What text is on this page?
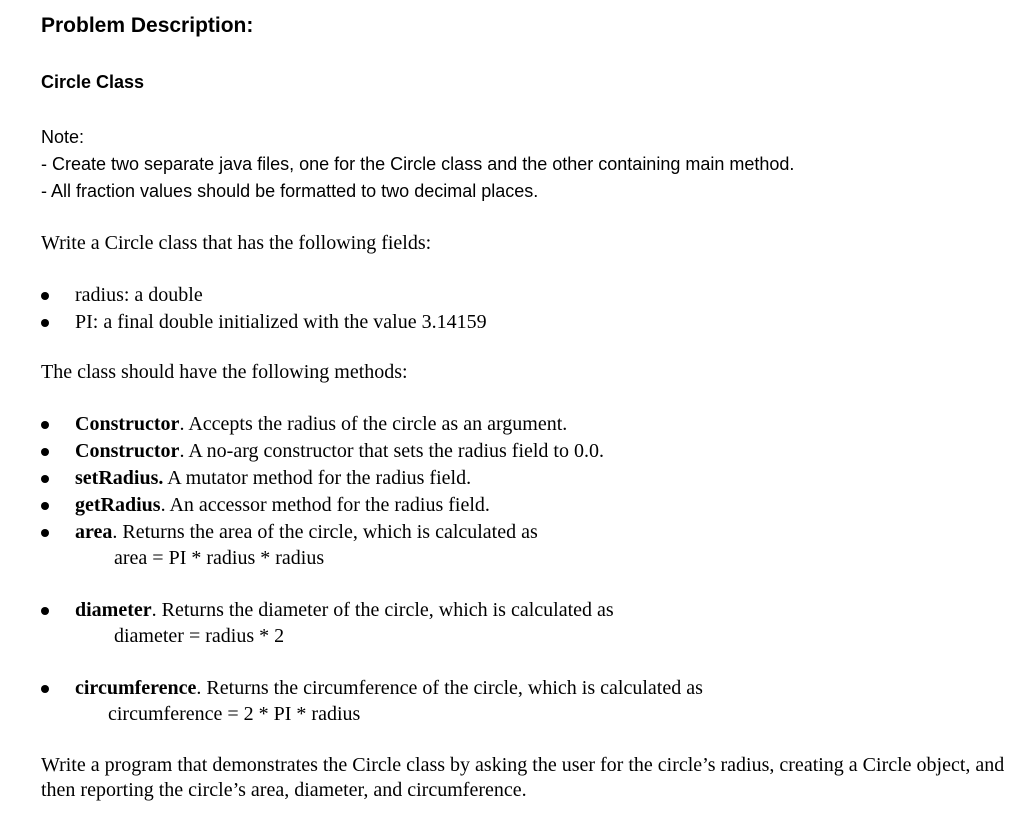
Problem Description:
Circle Class
Note:
- Create two separate java files, one for the Circle class and the other containing main method.
- All fraction values should be formatted to two decimal places.
Write a Circle class that has the following fields:
radius: a double
PI: a final double initialized with the value 3.14159
The class should have the following methods:
Constructor. Accepts the radius of the circle as an argument.
Constructor. A no-arg constructor that sets the radius field to 0.0.
setRadius. A mutator method for the radius field.
getRadius. An accessor method for the radius field.
area. Returns the area of the circle, which is calculated as
area = PI * radius * radius
diameter. Returns the diameter of the circle, which is calculated as
diameter = radius * 2
circumference. Returns the circumference of the circle, which is calculated as
circumference = 2 * PI * radius
Write a program that demonstrates the Circle class by asking the user for the circle’s radius, creating a Circle object, and then reporting the circle’s area, diameter, and circumference.
